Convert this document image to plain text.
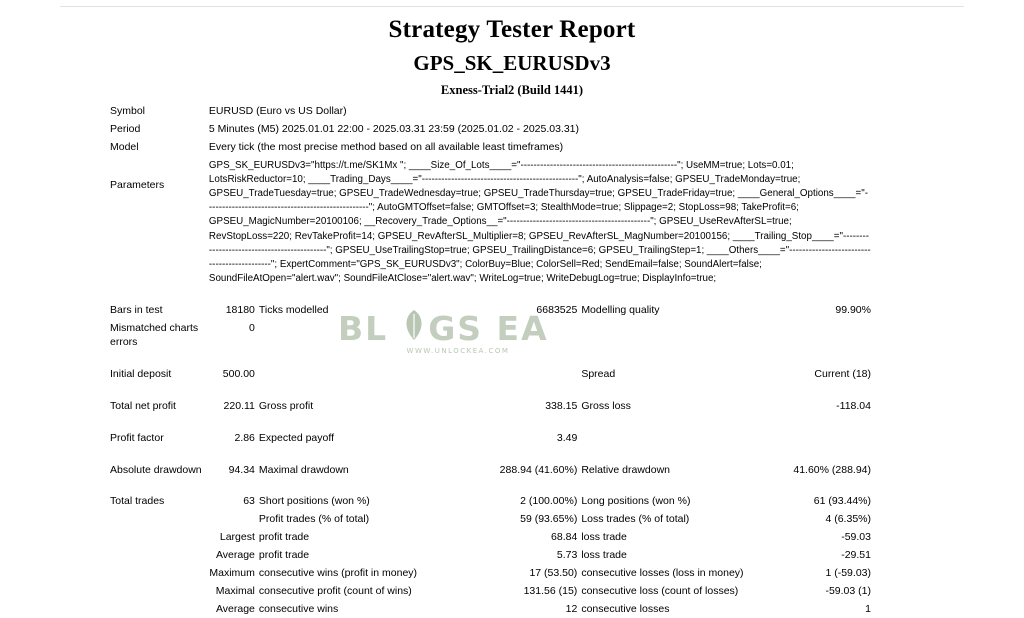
Strategy Tester Report
GPS_SK_EURUSDv3
Exness-Trial2 (Build 1441)
BL GS EA
WWW.UNLOCKEA.COM
Symbol	EURUSD (Euro vs US Dollar)				
Period	5 Minutes (M5) 2025.01.01 22:00 - 2025.03.31 23:59 (2025.01.02 - 2025.03.31)				
Model	Every tick (the most precise method based on all available least timeframes)				
Parameters	GPS_SK_EURUSDv3="https://t.me/SK1Mx "; ____Size_Of_Lots____="------------------------------------------------"; UseMM=true; Lots=0.01; LotsRiskReductor=10; ____Trading_Days____="------------------------------------------------"; AutoAnalysis=false; GPSEU_TradeMonday=true; GPSEU_TradeTuesday=true; GPSEU_TradeWednesday=true; GPSEU_TradeThursday=true; GPSEU_TradeFriday=true; ____General_Options____="--------------------------------------------------"; AutoGMTOffset=false; GMTOffset=3; StealthMode=true; Slippage=2; StopLoss=98; TakeProfit=6; GPSEU_MagicNumber=20100106; __Recovery_Trade_Options__="--------------------------------------------"; GPSEU_UseRevAfterSL=true; RevStopLoss=220; RevTakeProfit=14; GPSEU_RevAfterSL_Multiplier=8; GPSEU_RevAfterSL_MagNumber=20100156; ____Trailing_Stop____="--------------------------------------------"; GPSEU_UseTrailingStop=true; GPSEU_TrailingDistance=6; GPSEU_TrailingStep=1; ____Others____="--------------------------------------------"; ExpertComment="GPS_SK_EURUSDv3"; ColorBuy=Blue; ColorSell=Red; SendEmail=false; SoundAlert=false; SoundFileAtOpen="alert.wav"; SoundFileAtClose="alert.wav"; WriteLog=true; WriteDebugLog=true; DisplayInfo=true;				

Bars in test	18180	Ticks modelled	6683525	Modelling quality	99.90%
Mismatched charts errors	0				

Initial deposit	500.00			Spread	Current (18)

Total net profit	220.11	Gross profit	338.15	Gross loss	-118.04

Profit factor	2.86	Expected payoff	3.49		

Absolute drawdown	94.34	Maximal drawdown	288.94 (41.60%)	Relative drawdown	41.60% (288.94)

Total trades	63	Short positions (won %)	2 (100.00%)	Long positions (won %)	61 (93.44%)
		Profit trades (% of total)	59 (93.65%)	Loss trades (% of total)	4 (6.35%)
Largest		profit trade	68.84	loss trade	-59.03
Average		profit trade	5.73	loss trade	-29.51
Maximum		consecutive wins (profit in money)	17 (53.50)	consecutive losses (loss in money)	1 (-59.03)
Maximal		consecutive profit (count of wins)	131.56 (15)	consecutive loss (count of losses)	-59.03 (1)
Average		consecutive wins	12	consecutive losses	1
